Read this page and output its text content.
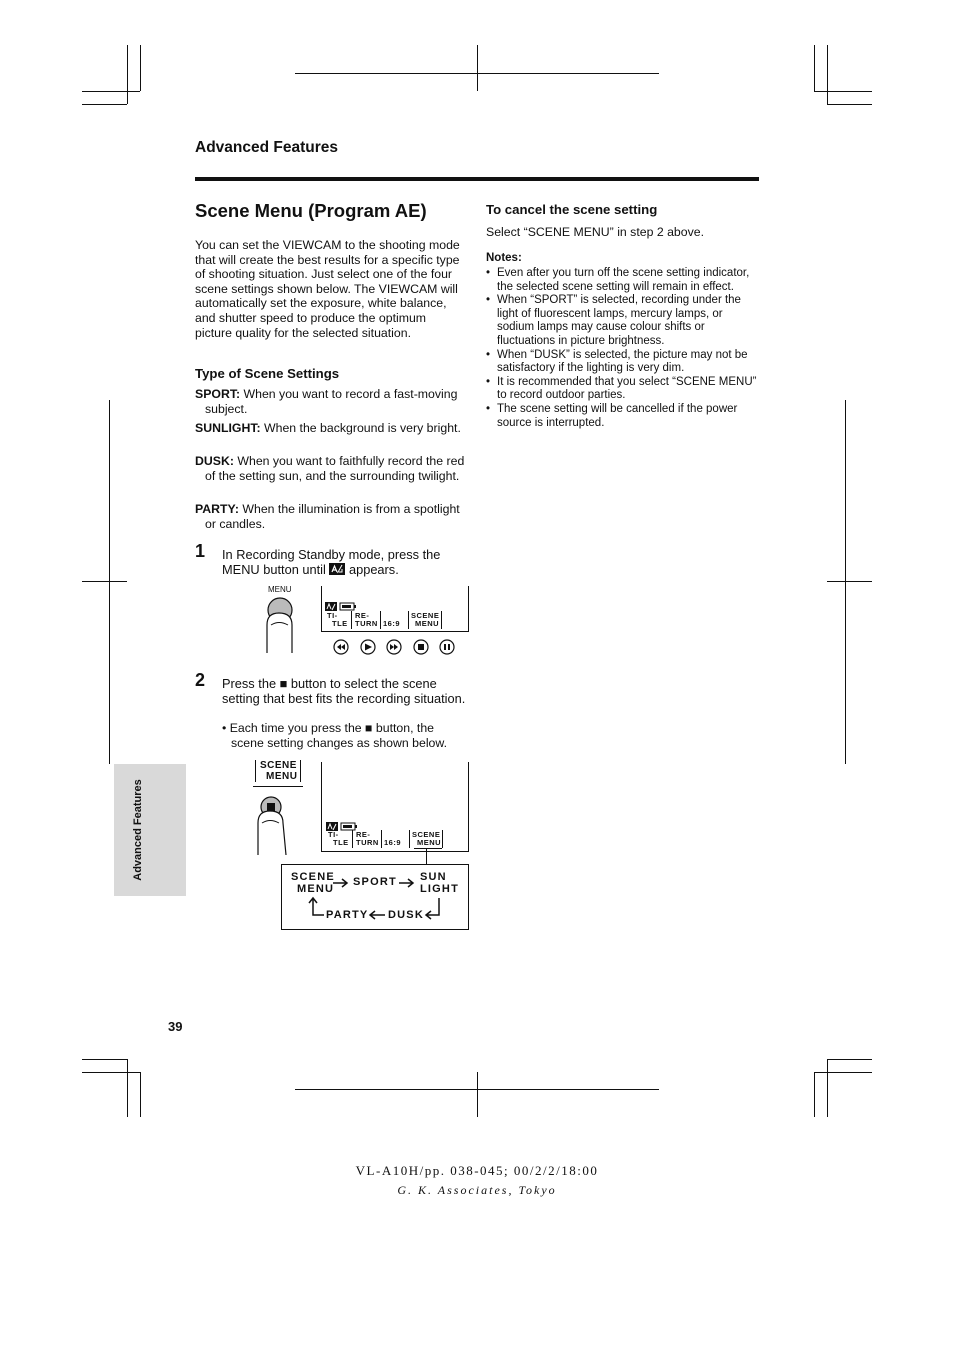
Advanced Features
Scene Menu (Program AE)
You can set the VIEWCAM to the shooting mode that will create the best results for a specific type of shooting situation. Just select one of the four scene settings shown below. The VIEWCAM will automatically set the exposure, white balance, and shutter speed to produce the optimum picture quality for the selected situation.
Type of Scene Settings
SPORT: When you want to record a fast-moving subject.
SUNLIGHT: When the background is very bright.
DUSK: When you want to faithfully record the red of the setting sun, and the surrounding twilight.
PARTY: When the illumination is from a spotlight or candles.
1 In Recording Standby mode, press the MENU button until  appears.
MENU
TI-
TLE
RE-
TURN 16:9
SCENE
MENU
2 Press the ■ button to select the scene setting that best fits the recording situation.
• Each time you press the ■ button, the scene setting changes as shown below.
SCENE
MENU
TI-
TLE
RE-
TURN 16:9
SCENE
MENU
SCENE
MENU
SPORT SUN
LIGHT
PARTY DUSK
To cancel the scene setting
Select “SCENE MENU” in step 2 above.
Notes:
• Even after you turn off the scene setting indicator, the selected scene setting will remain in effect.
• When “SPORT” is selected, recording under the light of fluorescent lamps, mercury lamps, or sodium lamps may cause colour shifts or fluctuations in picture brightness.
• When “DUSK” is selected, the picture may not be satisfactory if the lighting is very dim.
• It is recommended that you select “SCENE MENU” to record outdoor parties.
• The scene setting will be cancelled if the power source is interrupted.
Advanced Features
39
VL-A10H/pp. 038-045; 00/2/2/18:00
G. K. Associates, Tokyo
